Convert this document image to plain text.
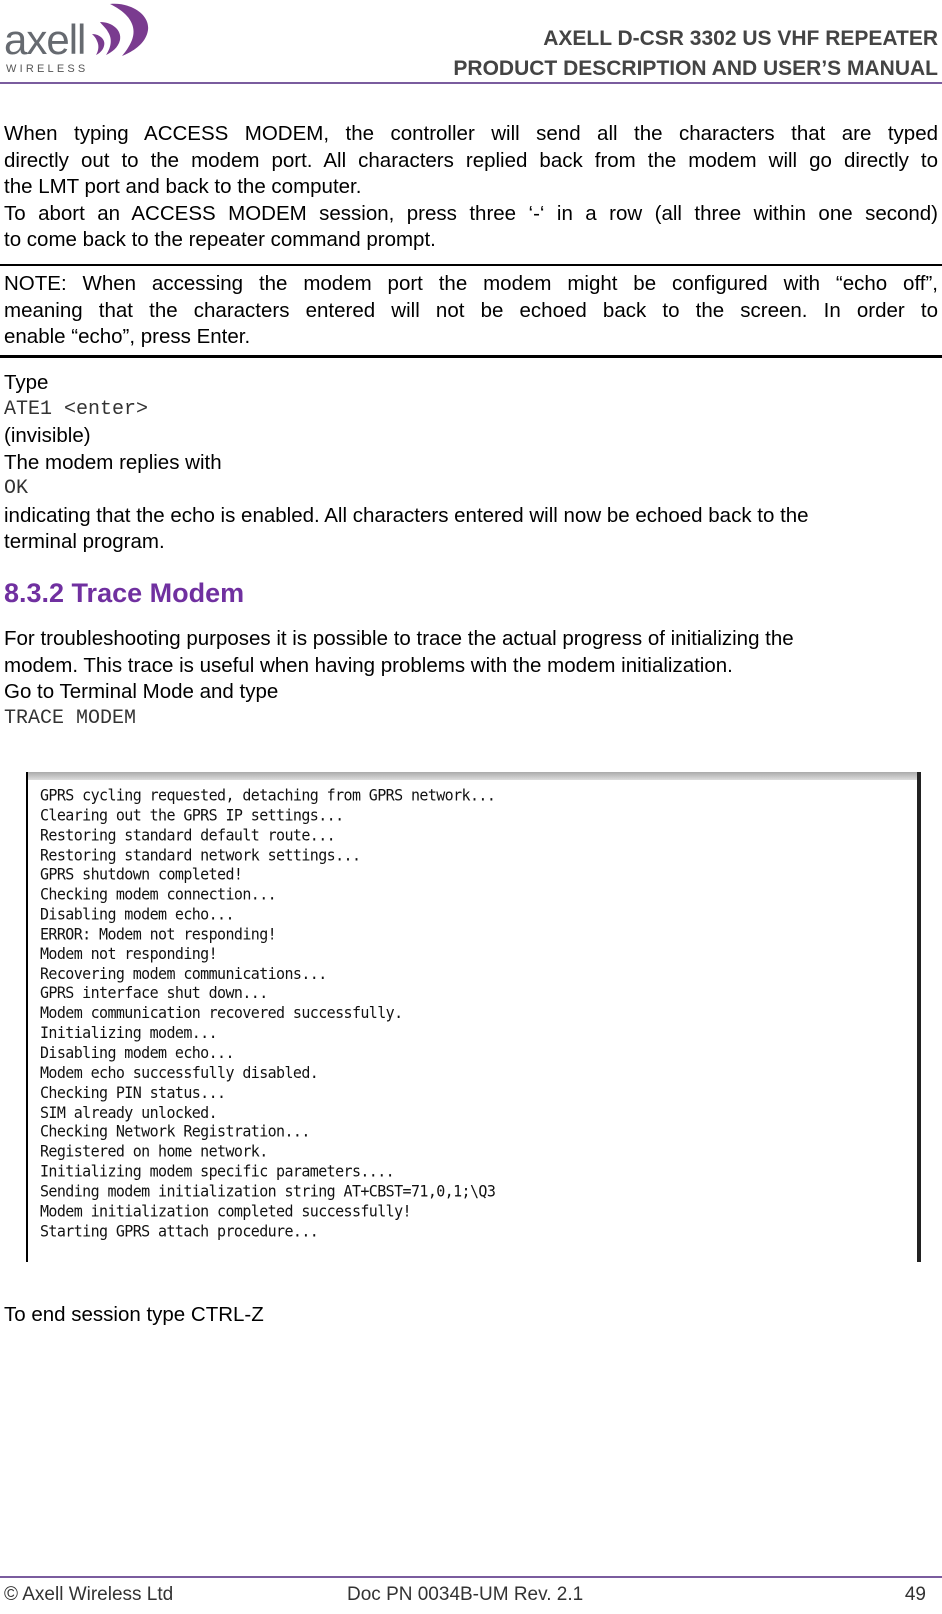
axell
WIRELESS
AXELL D-CSR 3302 US VHF REPEATER
PRODUCT DESCRIPTION AND USER’S MANUAL
When typing ACCESS MODEM, the controller will send all the characters that are typed
directly out to the modem port. All characters replied back from the modem will go directly to
the LMT port and back to the computer.
To abort an ACCESS MODEM session, press three ‘-‘ in a row (all three within one second)
to come back to the repeater command prompt.
NOTE: When accessing the modem port the modem might be configured with “echo off”,
meaning that the characters entered will not be echoed back to the screen. In order to
enable “echo”, press Enter.
Type
ATE1 <enter>
(invisible)
The modem replies with
OK
indicating that the echo is enabled. All characters entered will now be echoed back to the
terminal program.
8.3.2 Trace Modem
For troubleshooting purposes it is possible to trace the actual progress of initializing the
modem. This trace is useful when having problems with the modem initialization.
Go to Terminal Mode and type
TRACE MODEM
GPRS cycling requested, detaching from GPRS network...
Clearing out the GPRS IP settings...
Restoring standard default route...
Restoring standard network settings...
GPRS shutdown completed!
Checking modem connection...
Disabling modem echo...
ERROR: Modem not responding!
Modem not responding!
Recovering modem communications...
GPRS interface shut down...
Modem communication recovered successfully.
Initializing modem...
Disabling modem echo...
Modem echo successfully disabled.
Checking PIN status...
SIM already unlocked.
Checking Network Registration...
Registered on home network.
Initializing modem specific parameters....
Sending modem initialization string AT+CBST=71,0,1;\Q3
Modem initialization completed successfully!
Starting GPRS attach procedure...
To end session type CTRL-Z
© Axell Wireless Ltd	Doc PN 0034B-UM Rev. 2.1	49
